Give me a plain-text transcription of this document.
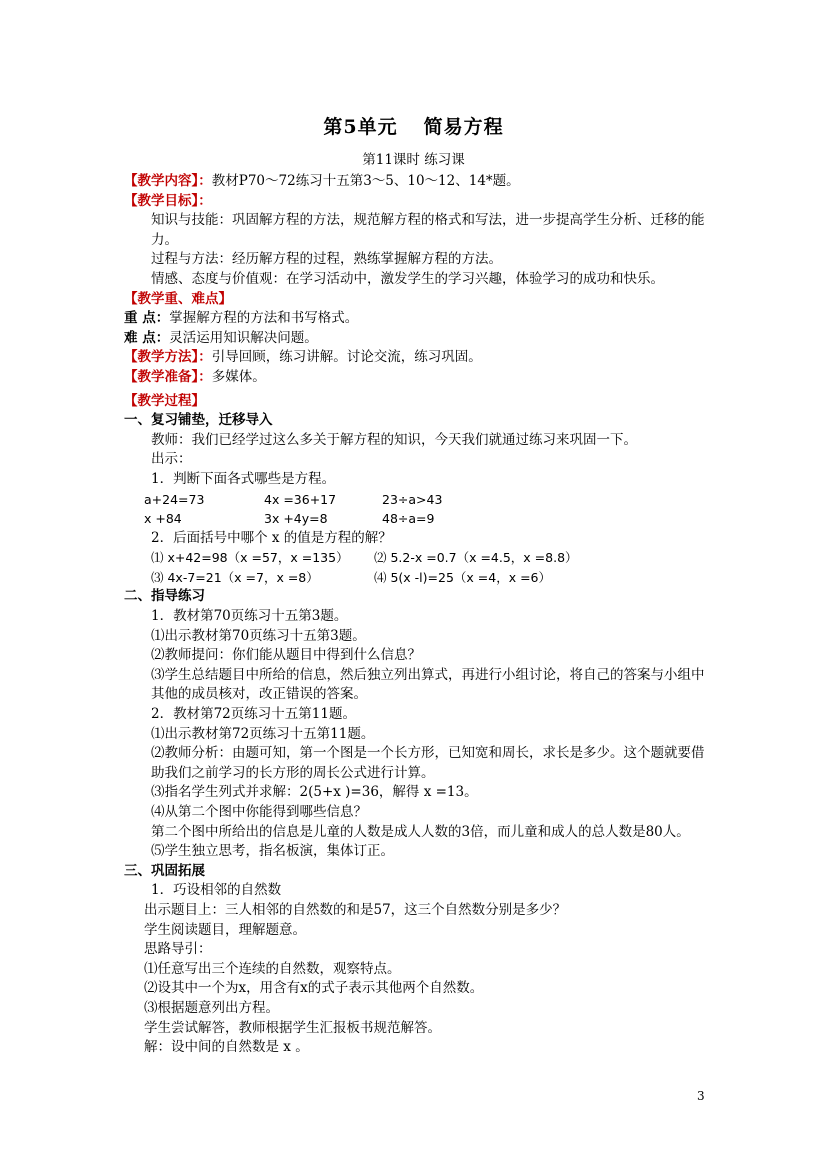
第5单元 简易方程
第11课时 练习课
【教学内容】：教材P70～72练习十五第3～5、10～12、14*题。
【教学目标】：
知识与技能：巩固解方程的方法，规范解方程的格式和写法，进一步提高学生分析、迁移的能力。
过程与方法：经历解方程的过程，熟练掌握解方程的方法。
情感、态度与价值观：在学习活动中，激发学生的学习兴趣，体验学习的成功和快乐。
【教学重、难点】
重 点：掌握解方程的方法和书写格式。
难 点：灵活运用知识解决问题。
【教学方法】：引导回顾，练习讲解。讨论交流，练习巩固。
【教学准备】：多媒体。
【教学过程】
一、复习铺垫，迁移导入
教师：我们已经学过这么多关于解方程的知识，今天我们就通过练习来巩固一下。
出示：
1．判断下面各式哪些是方程。
a+24=73	4x =36+17	23÷a>43
x +84	3x +4y=8	48÷a=9
2．后面括号中哪个 x 的值是方程的解？
⑴ x+42=98（x =57，x =135）	⑵ 5.2-x =0.7（x =4.5，x =8.8）
⑶ 4x-7=21（x =7，x =8）	⑷ 5(x -l)=25（x =4，x =6）
二、指导练习
1．教材第70页练习十五第3题。
⑴出示教材第70页练习十五第3题。
⑵教师提问：你们能从题目中得到什么信息？
⑶学生总结题目中所给的信息，然后独立列出算式，再进行小组讨论，将自己的答案与小组中其他的成员核对，改正错误的答案。
2．教材第72页练习十五第11题。
⑴出示教材第72页练习十五第11题。
⑵教师分析：由题可知，第一个图是一个长方形，已知宽和周长，求长是多少。这个题就要借助我们之前学习的长方形的周长公式进行计算。
⑶指名学生列式并求解：2(5+x )=36，解得 x =13。
⑷从第二个图中你能得到哪些信息？
第二个图中所给出的信息是儿童的人数是成人人数的3倍，而儿童和成人的总人数是80人。
⑸学生独立思考，指名板演，集体订正。
三、巩固拓展
1．巧设相邻的自然数
出示题目上：三人相邻的自然数的和是57，这三个自然数分别是多少？
学生阅读题目，理解题意。
思路导引：
⑴任意写出三个连续的自然数，观察特点。
⑵设其中一个为x，用含有x的式子表示其他两个自然数。
⑶根据题意列出方程。
学生尝试解答，教师根据学生汇报板书规范解答。
解：设中间的自然数是 x 。
3
